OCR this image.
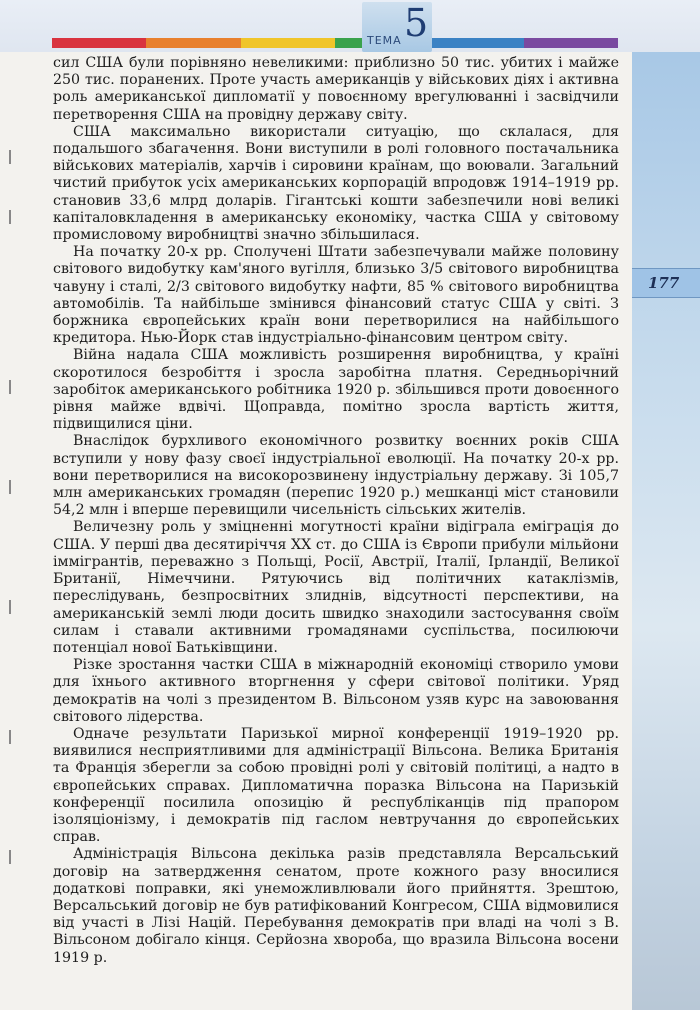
ТЕМА 5
177

сил США були порівняно невеликими: приблизно 50 тис. убитих і майже 250 тис. поранених. Проте участь американців у військових діях і активна роль американської дипломатії у повоєнному врегулюванні і засвідчили перетворення США на провідну державу світу.

США максимально використали ситуацію, що склалася, для подальшого збагачення. Вони виступили в ролі головного постачальника військових матеріалів, харчів і сировини країнам, що воювали. Загальний чистий прибуток усіх американських корпорацій впродовж 1914–1919 рр. становив 33,6 млрд доларів. Гігантські кошти забезпечили нові великі капіталовкладення в американську економіку, частка США у світовому промисловому виробництві значно збільшилася.

На початку 20-х рр. Сполучені Штати забезпечували майже половину світового видобутку кам'яного вугілля, близько 3/5 світового виробництва чавуну і сталі, 2/3 світового видобутку нафти, 85 % світового виробництва автомобілів. Та найбільше змінився фінансовий статус США у світі. З боржника європейських країн вони перетворилися на найбільшого кредитора. Нью-Йорк став індустріально-фінансовим центром світу.

Війна надала США можливість розширення виробництва, у країні скоротилося безробіття і зросла заробітна платня. Середньорічний заробіток американського робітника 1920 р. збільшився проти довоєнного рівня майже вдвічі. Щоправда, помітно зросла вартість життя, підвищилися ціни.

Внаслідок бурхливого економічного розвитку воєнних років США вступили у нову фазу своєї індустріальної еволюції. На початку 20-х рр. вони перетворилися на високорозвинену індустріальну державу. Зі 105,7 млн американських громадян (перепис 1920 р.) мешканці міст становили 54,2 млн і вперше перевищили чисельність сільських жителів.

Величезну роль у зміцненні могутності країни відіграла еміграція до США. У перші два десятиріччя ХХ ст. до США із Європи прибули мільйони іммігрантів, переважно з Польщі, Росії, Австрії, Італії, Ірландії, Великої Британії, Німеччини. Рятуючись від політичних катаклізмів, переслідувань, безпросвітних злиднів, відсутності перспективи, на американській землі люди досить швидко знаходили застосування своїм силам і ставали активними громадянами суспільства, посилюючи потенціал нової Батьківщини.

Різке зростання частки США в міжнародній економіці створило умови для їхнього активного вторгнення у сфери світової політики. Уряд демократів на чолі з президентом В. Вільсоном узяв курс на завоювання світового лідерства.

Одначе результати Паризької мирної конференції 1919–1920 рр. виявилися несприятливими для адміністрації Вільсона. Велика Британія та Франція зберегли за собою провідні ролі у світовій політиці, а надто в європейських справах. Дипломатична поразка Вільсона на Паризькій конференції посилила опозицію й республіканців під прапором ізоляціонізму, і демократів під гаслом невтручання до європейських справ.

Адміністрація Вільсона декілька разів представляла Версальський договір на затвердження сенатом, проте кожного разу вносилися додаткові поправки, які унеможливлювали його прийняття. Зрештою, Версальський договір не був ратифікований Конгресом, США відмовилися від участі в Лізі Націй. Перебування демократів при владі на чолі з В. Вільсоном добігало кінця. Серйозна хвороба, що вразила Вільсона восени 1919 р.
